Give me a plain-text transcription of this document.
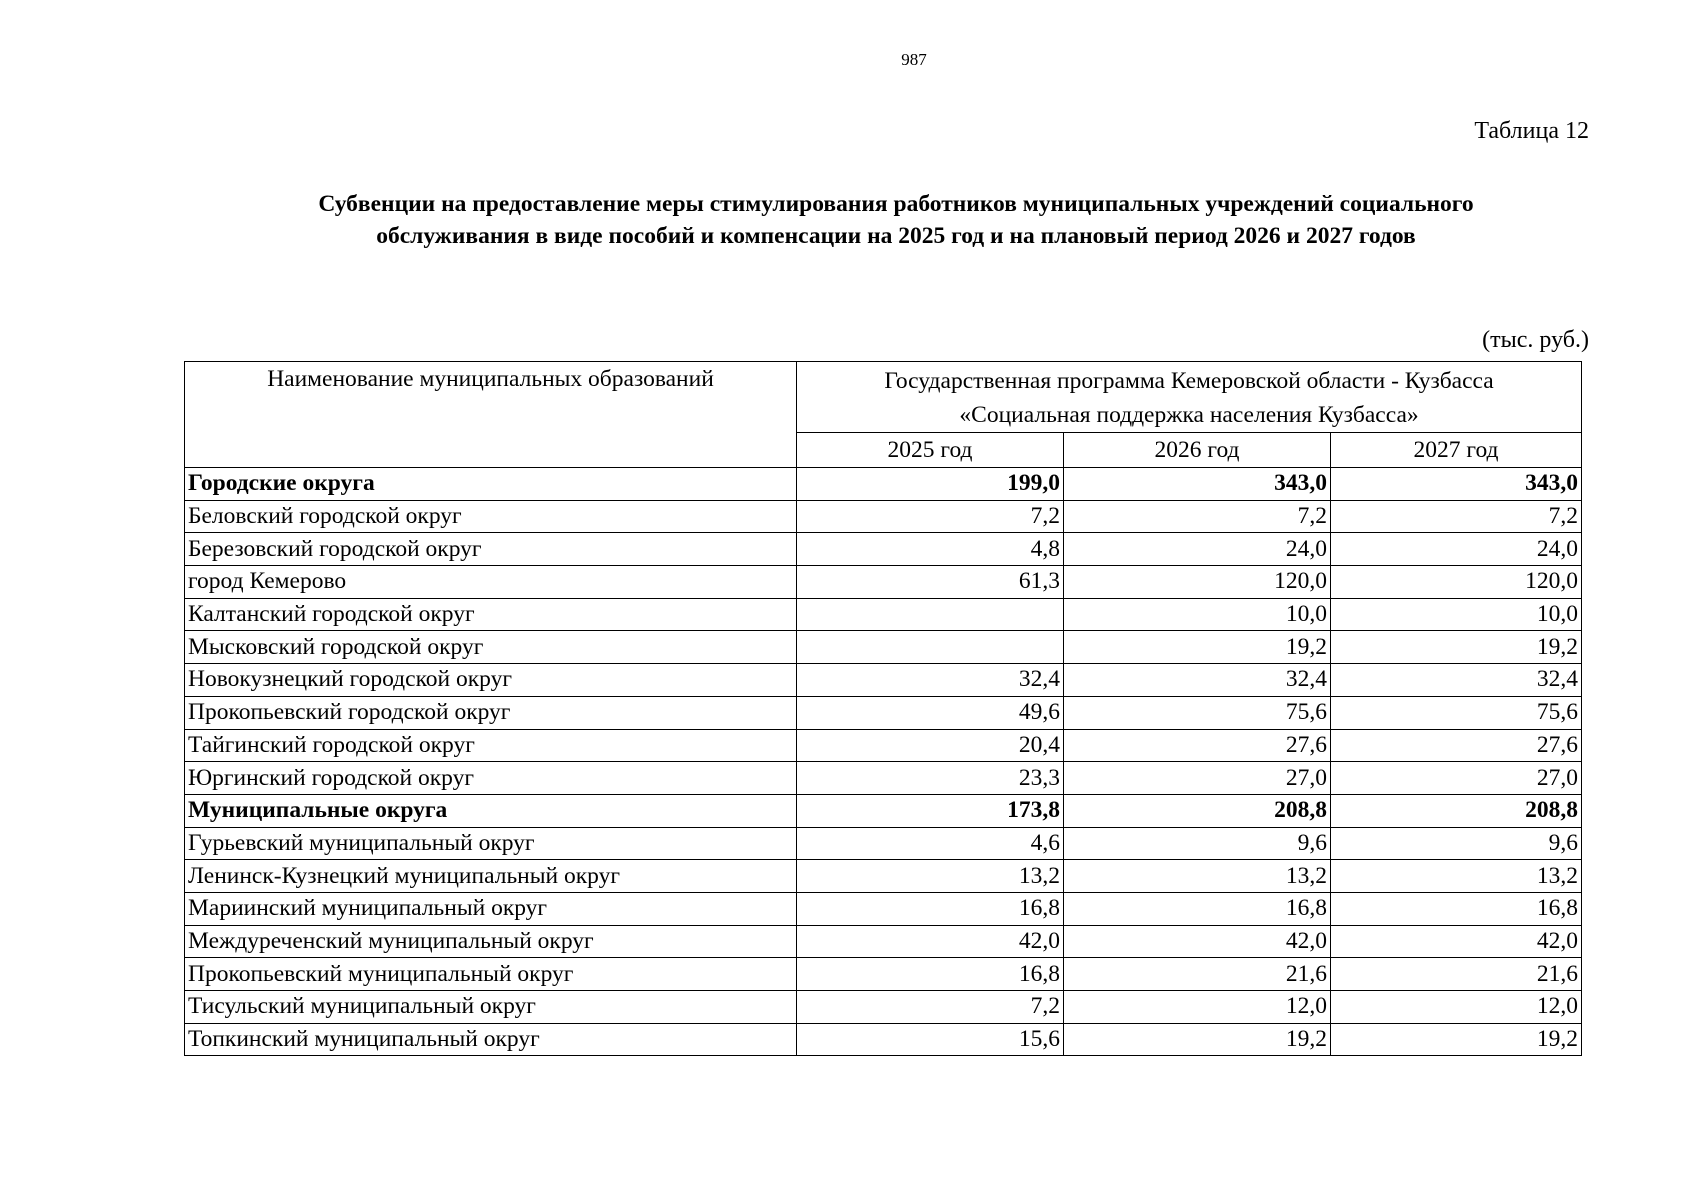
987
Таблица 12
Субвенции на предоставление меры стимулирования работников муниципальных учреждений социального
обслуживания в виде пособий и компенсации на 2025 год и на плановый период 2026 и 2027 годов
(тыс. руб.)
Наименование муниципальных образований	Государственная программа Кемеровской области - Кузбасса
«Социальная поддержка населения Кузбасса»		

	2025 год	2026 год	2027 год
Городские округа	199,0	343,0	343,0
Беловский городской округ	7,2	7,2	7,2
Березовский городской округ	4,8	24,0	24,0
город Кемерово	61,3	120,0	120,0
Калтанский городской округ		10,0	10,0
Мысковский городской округ		19,2	19,2
Новокузнецкий городской округ	32,4	32,4	32,4
Прокопьевский городской округ	49,6	75,6	75,6
Тайгинский городской округ	20,4	27,6	27,6
Юргинский городской округ	23,3	27,0	27,0
Муниципальные округа	173,8	208,8	208,8
Гурьевский муниципальный округ	4,6	9,6	9,6
Ленинск-Кузнецкий муниципальный округ	13,2	13,2	13,2
Мариинский муниципальный округ	16,8	16,8	16,8
Междуреченский муниципальный округ	42,0	42,0	42,0
Прокопьевский муниципальный округ	16,8	21,6	21,6
Тисульский муниципальный округ	7,2	12,0	12,0
Топкинский муниципальный округ	15,6	19,2	19,2
